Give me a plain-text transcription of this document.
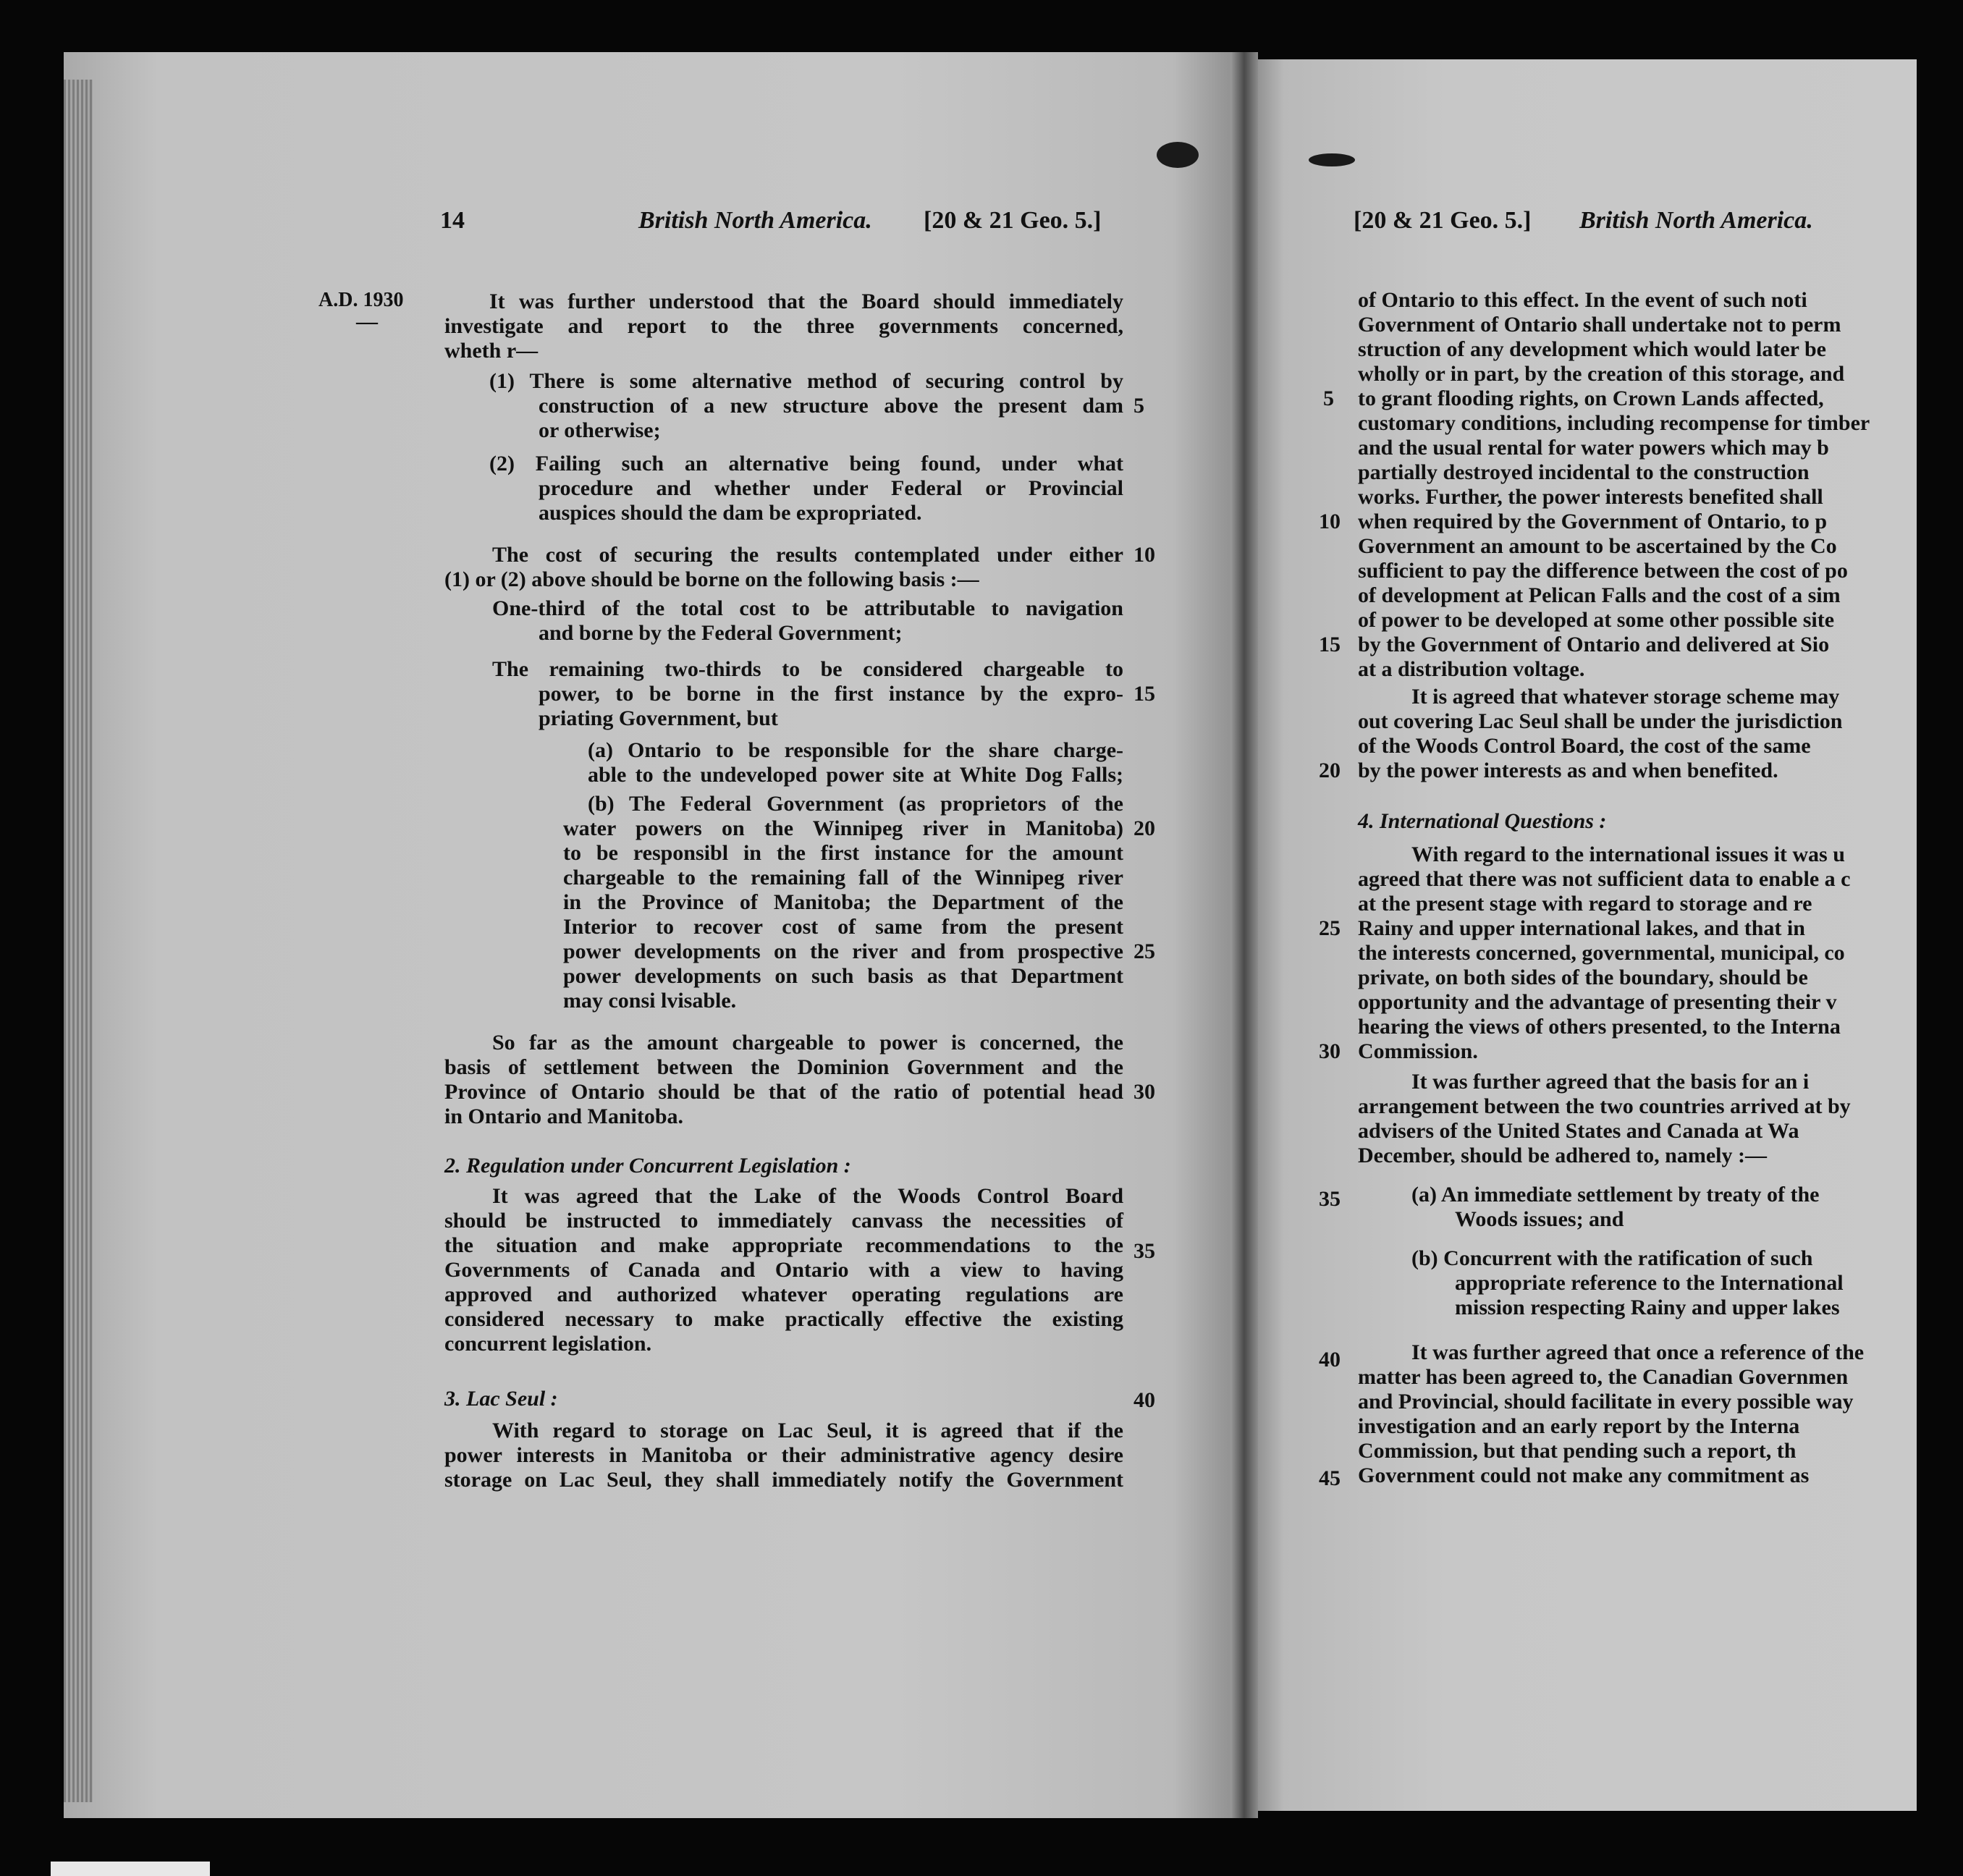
14	British North America. [20 & 21 Geo. 5.]
A.D. 1930
—
It was further understood that the Board should immediately
investigate and report to the three governments concerned,
wheth r—
(1) There is some alternative method of securing control by
construction of a new structure above the present dam
or otherwise;
(2) Failing such an alternative being found, under what
procedure and whether under Federal or Provincial
auspices should the dam be expropriated.
The cost of securing the results contemplated under either
(1) or (2) above should be borne on the following basis :—
One-third of the total cost to be attributable to navigation
and borne by the Federal Government;
The remaining two-thirds to be considered chargeable to
power, to be borne in the first instance by the expro-
priating Government, but
(a) Ontario to be responsible for the share charge-
able to the undeveloped power site at White Dog Falls;
(b) The Federal Government (as proprietors of the
water powers on the Winnipeg river in Manitoba)
to be responsibl in the first instance for the amount
chargeable to the remaining fall of the Winnipeg river
in the Province of Manitoba; the Department of the
Interior to recover cost of same from the present
power developments on the river and from prospective
power developments on such basis as that Department
may consi lvisable.
So far as the amount chargeable to power is concerned, the
basis of settlement between the Dominion Government and the
Province of Ontario should be that of the ratio of potential head
in Ontario and Manitoba.
2. Regulation under Concurrent Legislation :
It was agreed that the Lake of the Woods Control Board
should be instructed to immediately canvass the necessities of
the situation and make appropriate recommendations to the
Governments of Canada and Ontario with a view to having
approved and authorized whatever operating regulations are
considered necessary to make practically effective the existing
concurrent legislation.
3. Lac Seul :
With regard to storage on Lac Seul, it is agreed that if the
power interests in Manitoba or their administrative agency desire
storage on Lac Seul, they shall immediately notify the Government
5
10
15
20
25
30
35
40
[20 & 21 Geo. 5.] British North America.
of Ontario to this effect. In the event of such noti
Government of Ontario shall undertake not to perm
struction of any development which would later be
wholly or in part, by the creation of this storage, and
to grant flooding rights, on Crown Lands affected,
customary conditions, including recompense for timber
and the usual rental for water powers which may b
partially destroyed incidental to the construction
works. Further, the power interests benefited shall
when required by the Government of Ontario, to p
Government an amount to be ascertained by the Co
sufficient to pay the difference between the cost of po
of development at Pelican Falls and the cost of a sim
of power to be developed at some other possible site
by the Government of Ontario and delivered at Sio
at a distribution voltage.
It is agreed that whatever storage scheme may
out covering Lac Seul shall be under the jurisdiction
of the Woods Control Board, the cost of the same
by the power interests as and when benefited.
4. International Questions :
With regard to the international issues it was u
agreed that there was not sufficient data to enable a c
at the present stage with regard to storage and re
Rainy and upper international lakes, and that in
the interests concerned, governmental, municipal, co
private, on both sides of the boundary, should be
opportunity and the advantage of presenting their v
hearing the views of others presented, to the Interna
Commission.
It was further agreed that the basis for an i
arrangement between the two countries arrived at by
advisers of the United States and Canada at Wa
December, should be adhered to, namely :—
(a) An immediate settlement by treaty of the
Woods issues; and
(b) Concurrent with the ratification of such
appropriate reference to the International
mission respecting Rainy and upper lakes
It was further agreed that once a reference of the
matter has been agreed to, the Canadian Governmen
and Provincial, should facilitate in every possible way
investigation and an early report by the Interna
Commission, but that pending such a report, th
Government could not make any commitment as
5
10
15
20
25
30
35
40
45
